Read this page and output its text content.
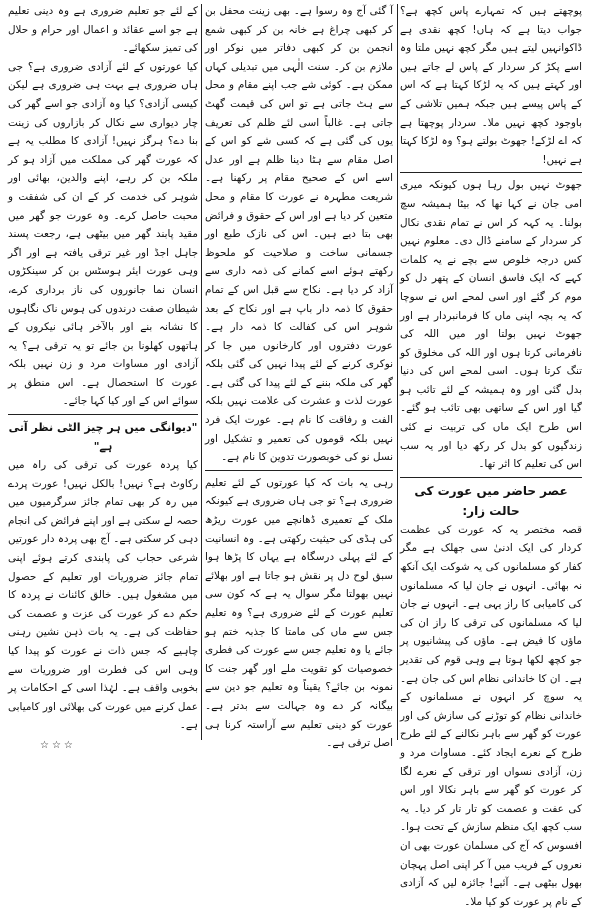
پوچھتے ہیں کہ تمہارے پاس کچھ ہے؟ جواب دیتا ہے کہ ہاں! کچھ نقدی ہے ڈاکوانہیں لیتے ہیں مگر کچھ نہیں ملتا وہ اسے پکڑ کر سردار کے پاس لے جاتے ہیں اور کہتے ہیں کہ یہ لڑکا کہتا ہے کہ اس کے پاس پیسے ہیں جبکہ ہمیں تلاشی کے باوجود کچھ نہیں ملا۔ سردار پوچھتا ہے کہ اے لڑکے! جھوٹ بولتے ہو؟ وہ لڑکا کہتا ہے نہیں!

جھوٹ نہیں بول رہا ہوں کیونکہ میری امی جان نے کہا تھا کہ بیٹا ہمیشہ سچ بولنا۔ یہ کہہ کر اس نے تمام نقدی نکال کر سردار کے سامنے ڈال دی۔ معلوم نہیں کس درجہ خلوص سے بچے نے یہ کلمات کہے کہ ایک فاسق انسان کے پتھر دل کو موم کر گئے اور اسی لمحے اس نے سوچا کہ یہ بچہ اپنی ماں کا فرمانبردار ہے اور جھوٹ نہیں بولتا اور میں اللہ کی نافرمانی کرتا ہوں اور اللہ کی مخلوق کو تنگ کرتا ہوں۔ اسی لمحے اس کی دنیا بدل گئی اور وہ ہمیشہ کے لئے تائب ہو گیا اور اس کے ساتھی بھی تائب ہو گئے۔ اس طرح ایک ماں کی تربیت نے کئی زندگیوں کو بدل کر رکھ دیا اور یہ سب اس کی تعلیم کا اثر تھا۔

عصر حاضر میں عورت کی حالت زار:

قصہ مختصر یہ کہ عورت کی عظمت کردار کی ایک ادنیٰ سی جھلک ہے مگر کفار کو مسلمانوں کی یہ شوکت ایک آنکھ نہ بھائی۔ انہوں نے جان لیا کہ مسلمانوں کی کامیابی کا راز یہی ہے۔ انہوں نے جان لیا کہ مسلمانوں کی ترقی کا راز ان کی ماؤں کا فیض ہے۔ ماؤں کی پیشانیوں پر جو کچھ لکھا ہوتا ہے وہی قوم کی تقدیر ہے۔ ان کا خاندانی نظام اس کی جان ہے۔ یہ سوچ کر انہوں نے مسلمانوں کے خاندانی نظام کو توڑنے کی سازش کی اور عورت کو گھر سے باہر نکالنے کے لئے طرح طرح کے نعرے ایجاد کئے۔ مساوات مرد و زن، آزادی نسواں اور ترقی کے نعرے لگا کر عورت کو گھر سے باہر نکالا اور اس کی عفت و عصمت کو تار تار کر دیا۔ یہ سب کچھ ایک منظم سازش کے تحت ہوا۔ افسوس کہ آج کی مسلمان عورت بھی ان نعروں کے فریب میں آ کر اپنی اصل پہچان بھول بیٹھی ہے۔ آئیے! جائزہ لیں کہ آزادی کے نام پر عورت کو کیا ملا۔

آ گئی آج وہ رسوا ہے۔ بھی زینت محفل بن کر کبھی چراغ ہے خانہ بن کر کبھی شمع انجمن بن کر کبھی دفاتر میں نوکر اور ملازم بن کر۔ سنت الٰہی میں تبدیلی کہاں ممکن ہے۔ کوئی شے جب اپنے مقام و محل سے ہٹ جاتی ہے تو اس کی قیمت گھٹ جاتی ہے۔ غالباً اسی لئے ظلم کی تعریف یوں کی گئی ہے کہ کسی شے کو اس کے اصل مقام سے ہٹا دینا ظلم ہے اور عدل اسے اس کے صحیح مقام پر رکھنا ہے۔ شریعت مطہرہ نے عورت کا مقام و محل متعین کر دیا ہے اور اس کے حقوق و فرائض بھی بتا دیے ہیں۔ اس کی نازک طبع اور جسمانی ساخت و صلاحیت کو ملحوظ رکھتے ہوئے اسے کمانے کی ذمہ داری سے آزاد کر دیا ہے۔ نکاح سے قبل اس کے تمام حقوق کا ذمہ دار باپ ہے اور نکاح کے بعد شوہر اس کی کفالت کا ذمہ دار ہے۔ عورت دفتروں اور کارخانوں میں جا کر نوکری کرنے کے لئے پیدا نہیں کی گئی بلکہ گھر کی ملکہ بننے کے لئے پیدا کی گئی ہے۔ عورت لذت و عشرت کی علامت نہیں بلکہ الفت و رفاقت کا نام ہے۔ عورت ایک فرد نہیں بلکہ قوموں کی تعمیر و تشکیل اور نسل نو کی خوبصورت تدوین کا نام ہے۔

رہی یہ بات کہ کیا عورتوں کے لئے تعلیم ضروری ہے؟ تو جی ہاں ضروری ہے کیونکہ ملک کے تعمیری ڈھانچے میں عورت ریڑھ کی ہڈی کی حیثیت رکھتی ہے۔ وہ انسانیت کے لئے پہلی درسگاہ ہے یہاں کا پڑھا ہوا سبق لوح دل پر نقش ہو جاتا ہے اور بھلائے نہیں بھولتا مگر سوال یہ ہے کہ کون سی تعلیم عورت کے لئے ضروری ہے؟ وہ تعلیم جس سے ماں کی مامتا کا جذبہ ختم ہو جائے یا وہ تعلیم جس سے عورت کی فطری خصوصیات کو تقویت ملے اور گھر جنت کا نمونہ بن جائے؟ یقیناً وہ تعلیم جو دین سے بیگانہ کر دے وہ جہالت سے بدتر ہے۔ عورت کو دینی تعلیم سے آراستہ کرنا ہی اصل ترقی ہے۔

کے لئے جو تعلیم ضروری ہے وہ دینی تعلیم ہے جو اسے عقائد و اعمال اور حرام و حلال کی تمیز سکھائے۔

کیا عورتوں کے لئے آزادی ضروری ہے؟ جی ہاں ضروری ہے بہت ہی ضروری ہے لیکن کیسی آزادی؟ کیا وہ آزادی جو اسے گھر کی چار دیواری سے نکال کر بازاروں کی زینت بنا دے؟ ہرگز نہیں! آزادی کا مطلب یہ ہے کہ عورت گھر کی مملکت میں آزاد ہو کر ملکہ بن کر رہے، اپنے والدین، بھائی اور شوہر کی خدمت کر کے ان کی شفقت و محبت حاصل کرے۔ وہ عورت جو گھر میں مقید پابند گھر میں بیٹھی ہے، رجعت پسند جاہل اجڈ اور غیر ترقی یافتہ ہے اور اگر وہی عورت ایئر ہوسٹس بن کر سینکڑوں انسان نما جانوروں کی ناز برداری کرے، شیطان صفت درندوں کی ہوس ناک نگاہوں کا نشانہ بنے اور بالآخر ہائی نیکروں کے ہاتھوں کھلونا بن جائے تو یہ ترقی ہے؟ یہ آزادی اور مساوات مرد و زن نہیں بلکہ عورت کا استحصال ہے۔ اس منطق پر سوائے اس کے اور کیا کہا جائے۔

"دیوانگی میں ہر چیز الٹی نظر آتی ہے"

کیا پردہ عورت کی ترقی کی راہ میں رکاوٹ ہے؟ نہیں! بالکل نہیں! عورت پردے میں رہ کر بھی تمام جائز سرگرمیوں میں حصہ لے سکتی ہے اور اپنے فرائض کی انجام دہی کر سکتی ہے۔ آج بھی پردہ دار عورتیں شرعی حجاب کی پابندی کرتے ہوئے اپنی تمام جائز ضروریات اور تعلیم کے حصول میں مشغول ہیں۔ خالق کائنات نے پردہ کا حکم دے کر عورت کی عزت و عصمت کی حفاظت کی ہے۔ یہ بات ذہن نشین رہنی چاہیے کہ جس ذات نے عورت کو پیدا کیا وہی اس کی فطرت اور ضروریات سے بخوبی واقف ہے۔ لہٰذا اسی کے احکامات پر عمل کرنے میں عورت کی بھلائی اور کامیابی ہے۔

☆☆☆
